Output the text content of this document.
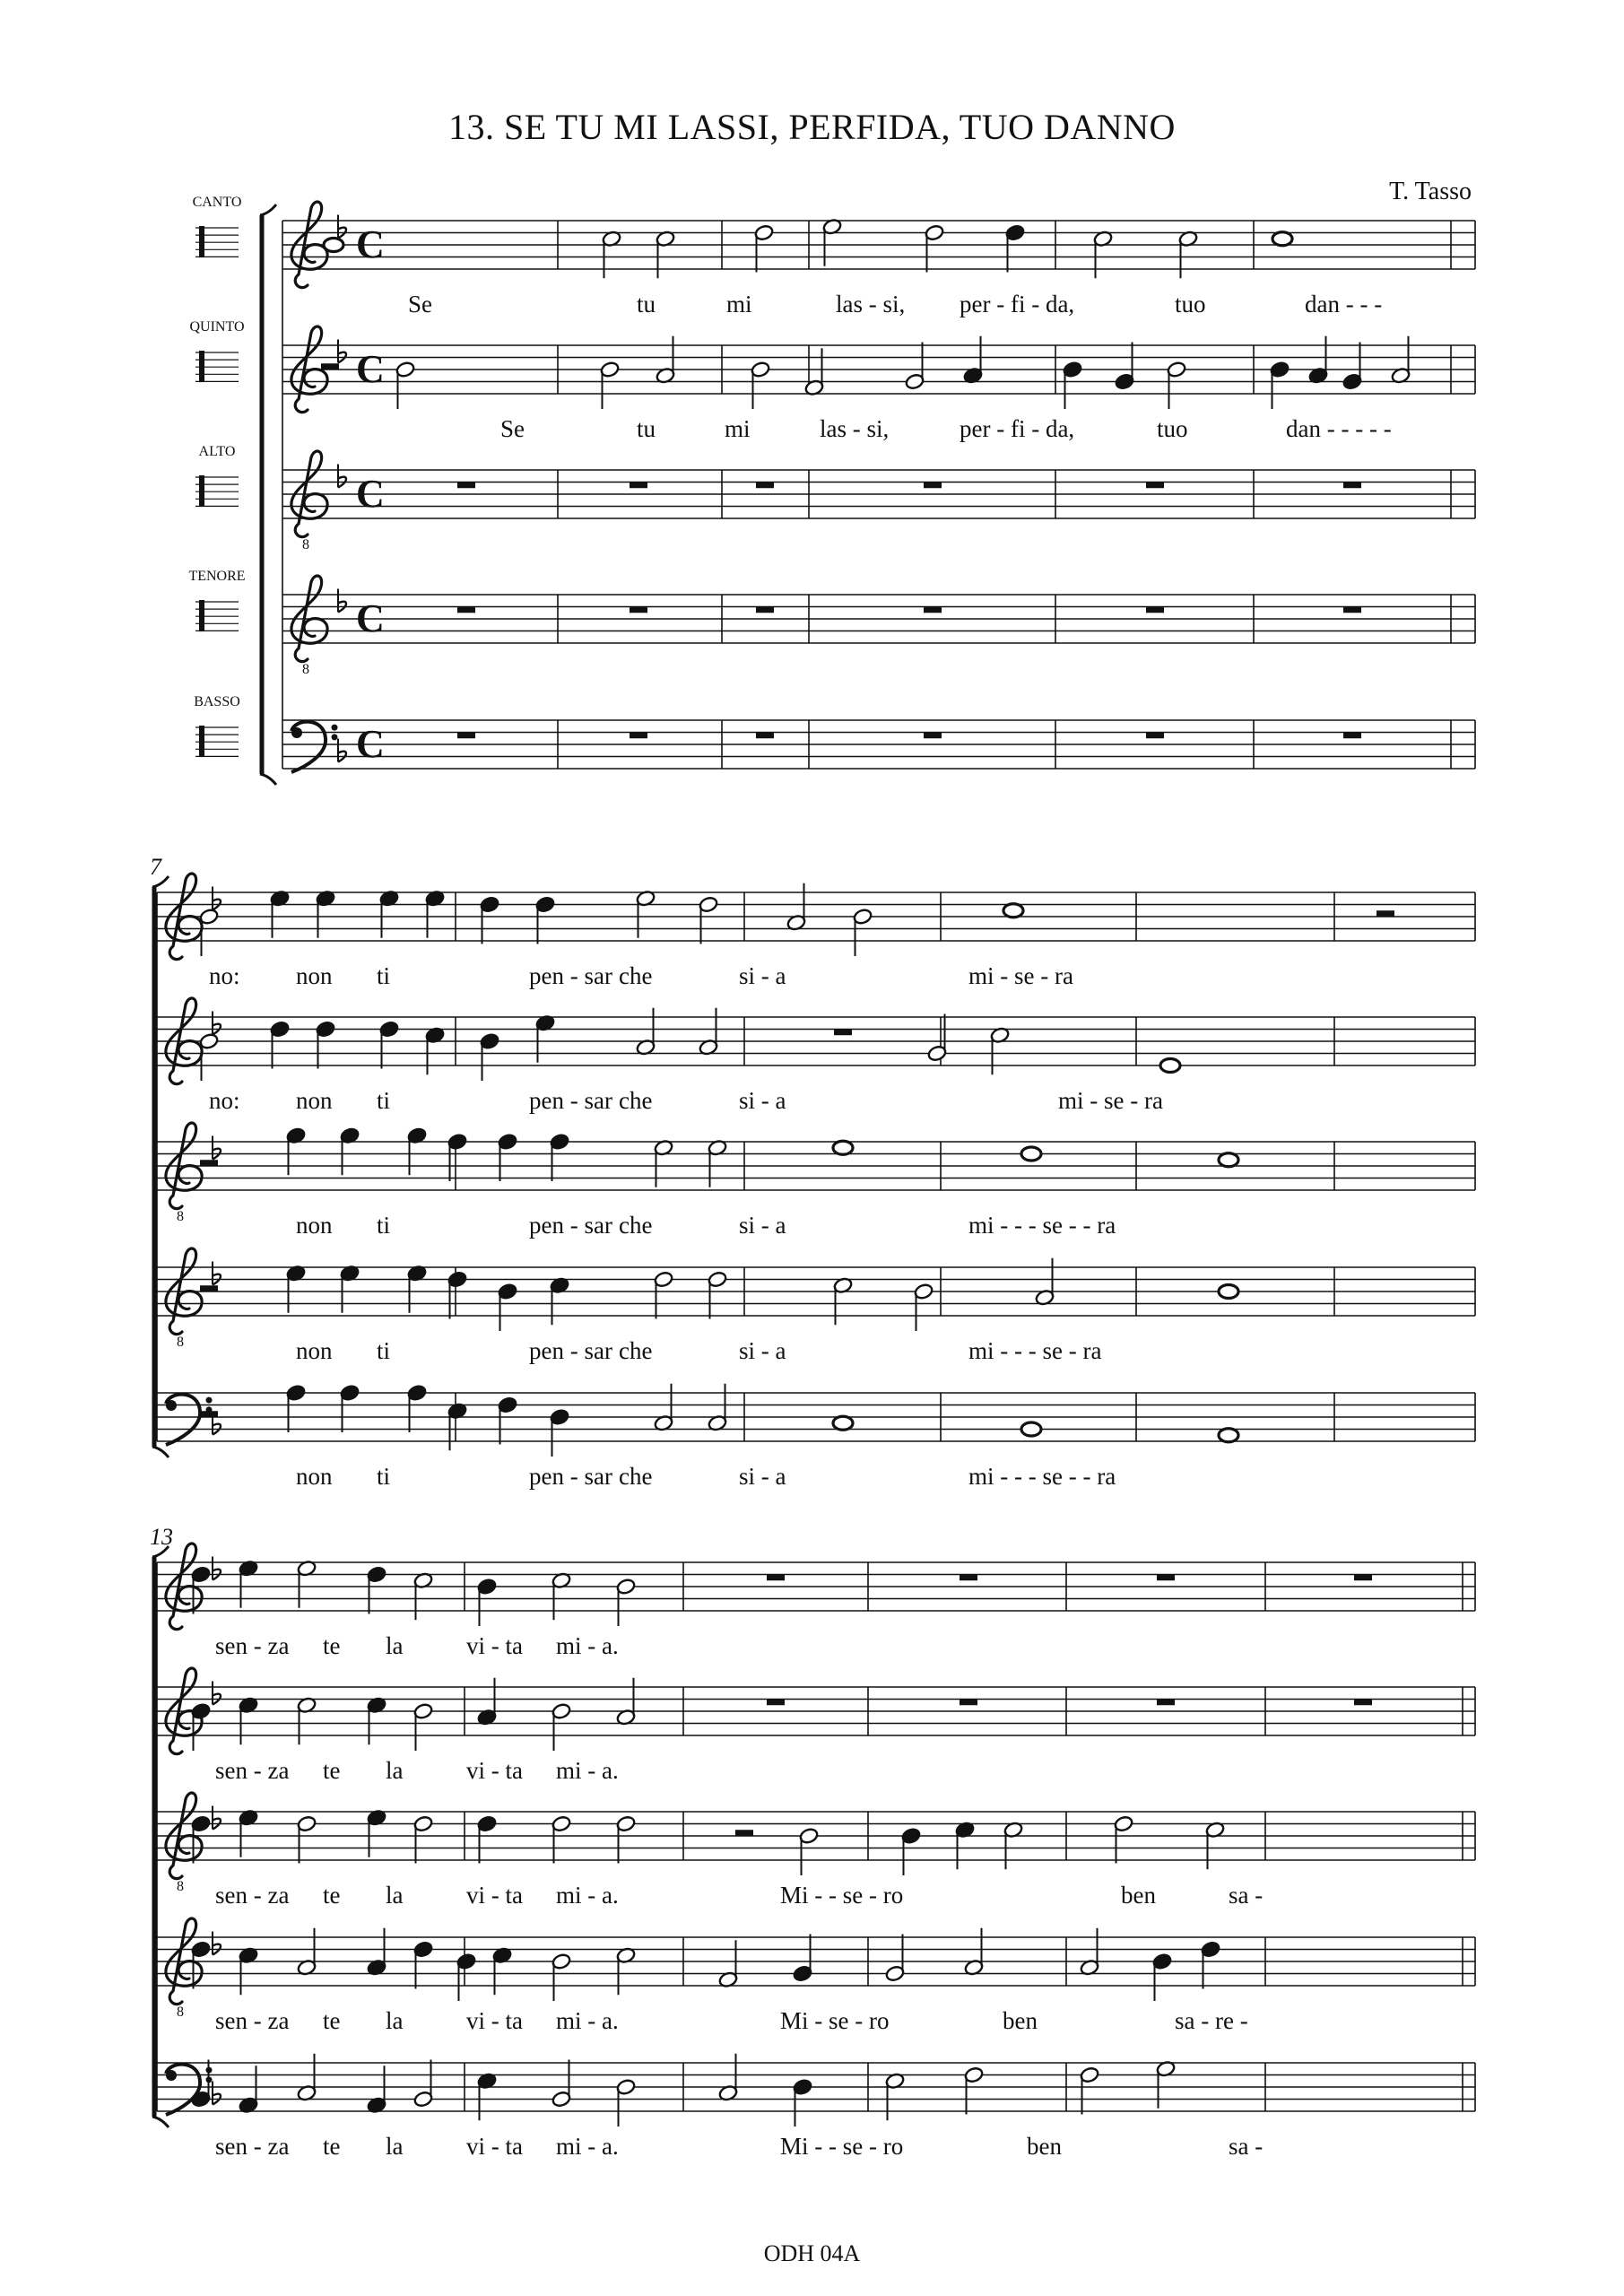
13. SE TU MI LASSI, PERFIDA, TUO DANNO
T. Tasso
ODH 04A
C
CANTO
Se	tu	mi	las - si, per - fi - da,	tuo	dan - - -
C
QUINTO
Se	tu	mi	las - si,	per - fi - da,	tuo	dan - - - - -
8
C
ALTO
8
C
TENORE
C
BASSO
7
no: non ti	pen - sar che	si - a	mi - se - ra
no: non ti	pen - sar che	si - a	mi - se - ra
8	non ti	pen - sar che	si - a	mi - - - se - - ra
8	non ti	pen - sar che	si - a	mi - - - se - ra
non ti	pen - sar che	si - a	mi - - - se - - ra
13
sen - za te la	vi - ta mi - a.
sen - za te la	vi - ta mi - a.
8 sen - za te la	vi - ta mi - a.	Mi - - se - ro	ben	sa -
8 sen - za te la	vi - ta mi - a.	Mi - se - ro	ben	sa - re -
sen - za te la	vi - ta mi - a.	Mi - - se - ro	ben	sa -
